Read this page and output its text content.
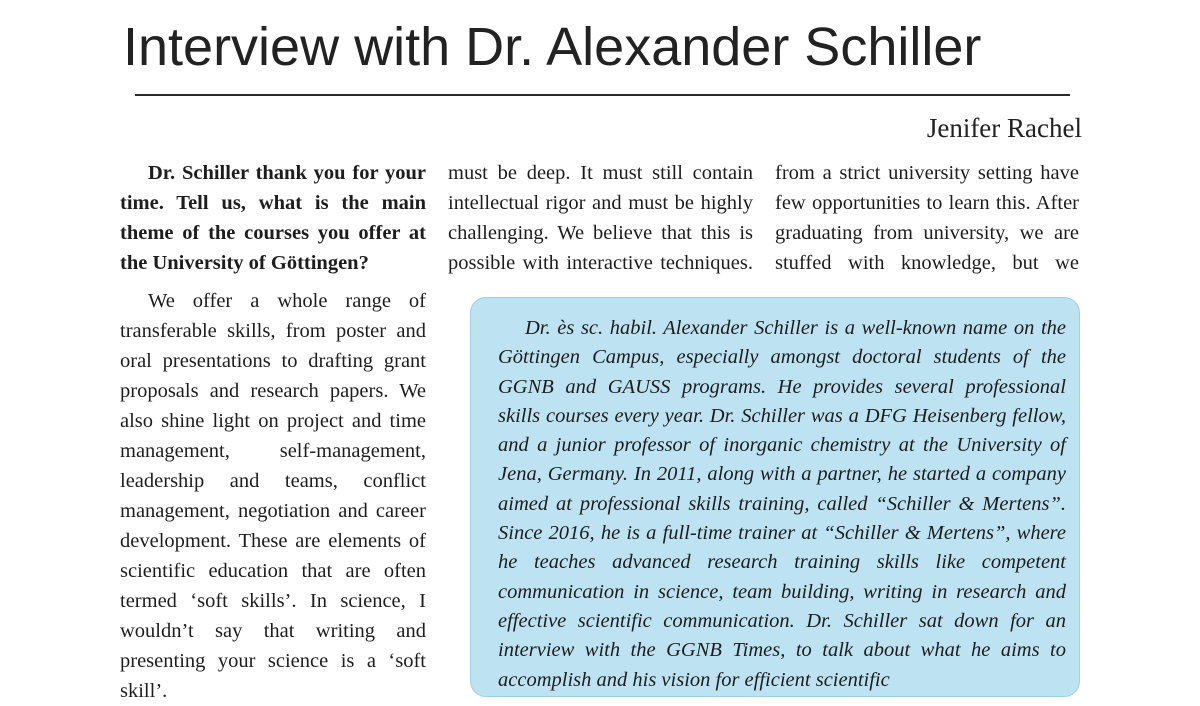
Interview with Dr. Alexander Schiller
Jenifer Rachel

Dr. Schiller thank you for your time. Tell us, what is the main theme of the courses you offer at the University of Göttingen?

We offer a whole range of transferable skills, from poster and oral presentations to drafting grant proposals and research papers. We also shine light on project and time management, self-management, leadership and teams, conflict management, negotiation and career development. These are elements of scientific education that are often termed ‘soft skills’. In science, I wouldn’t say that writing and presenting your science is a ‘soft skill’.

must be deep. It must still contain intellectual rigor and must be highly challenging. We believe that this is possible with interactive techniques.

from a strict university setting have few opportunities to learn this. After graduating from university, we are stuffed with knowledge, but we

Dr. ès sc. habil. Alexander Schiller is a well-known name on the Göttingen Campus, especially amongst doctoral students of the GGNB and GAUSS programs. He provides several professional skills courses every year. Dr. Schiller was a DFG Heisenberg fellow, and a junior professor of inorganic chemistry at the University of Jena, Germany. In 2011, along with a partner, he started a company aimed at professional skills training, called “Schiller & Mertens”. Since 2016, he is a full-time trainer at “Schiller & Mertens”, where he teaches advanced research training skills like competent communication in science, team building, writing in research and effective scientific communication. Dr. Schiller sat down for an interview with the GGNB Times, to talk about what he aims to accomplish and his vision for efficient scientific
